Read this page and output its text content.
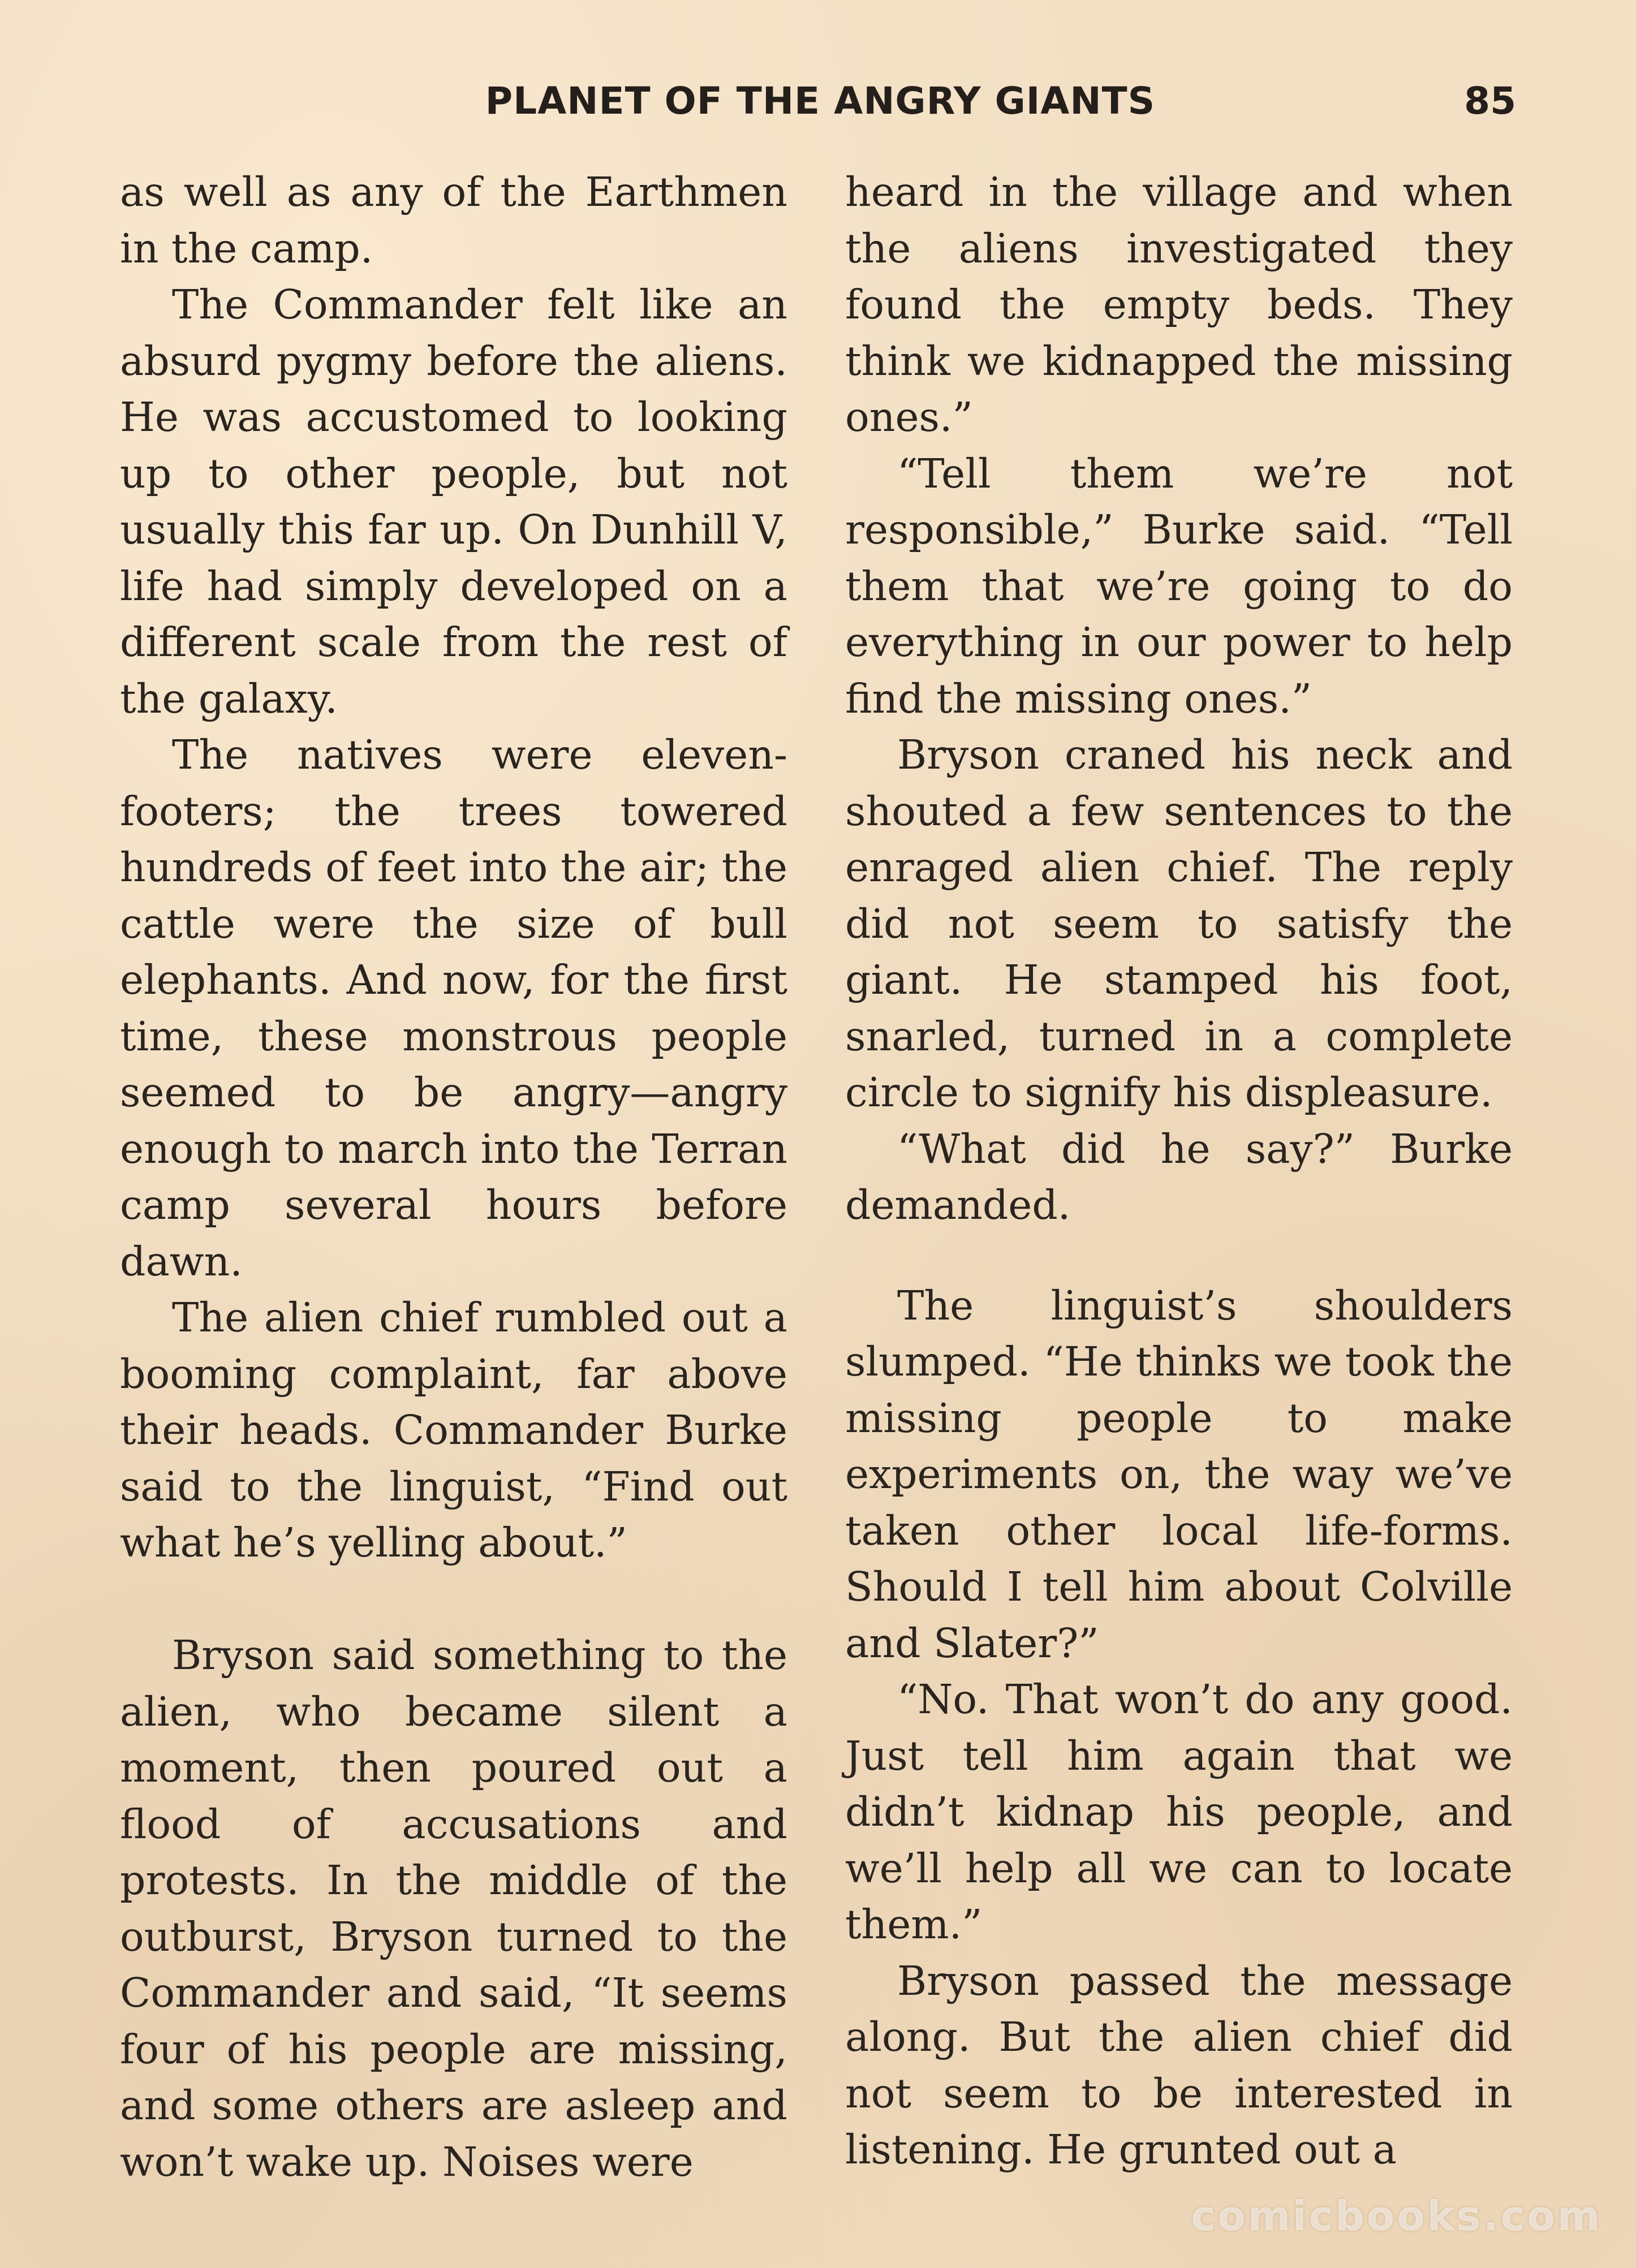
PLANET OF THE ANGRY GIANTS	85

as well as any of the Earthmen in the camp.

The Commander felt like an absurd pygmy before the aliens. He was accustomed to looking up to other people, but not usually this far up. On Dunhill V, life had simply developed on a different scale from the rest of the galaxy.

The natives were eleven-footers; the trees towered hundreds of feet into the air; the cattle were the size of bull elephants. And now, for the first time, these monstrous people seemed to be angry—angry enough to march into the Terran camp several hours before dawn.

The alien chief rumbled out a booming complaint, far above their heads. Commander Burke said to the linguist, “Find out what he’s yelling about.”

Bryson said something to the alien, who became silent a moment, then poured out a flood of accusations and protests. In the middle of the outburst, Bryson turned to the Commander and said, “It seems four of his people are missing, and some others are asleep and won’t wake up. Noises were

heard in the village and when the aliens investigated they found the empty beds. They think we kidnapped the missing ones.”

“Tell them we’re not responsible,” Burke said. “Tell them that we’re going to do everything in our power to help find the missing ones.”

Bryson craned his neck and shouted a few sentences to the enraged alien chief. The reply did not seem to satisfy the giant. He stamped his foot, snarled, turned in a complete circle to signify his displeasure.

“What did he say?” Burke demanded.

The linguist’s shoulders slumped. “He thinks we took the missing people to make experiments on, the way we’ve taken other local life-forms. Should I tell him about Colville and Slater?”

“No. That won’t do any good. Just tell him again that we didn’t kidnap his people, and we’ll help all we can to locate them.”

Bryson passed the message along. But the alien chief did not seem to be interested in listening. He grunted out a

comicbooks.com
